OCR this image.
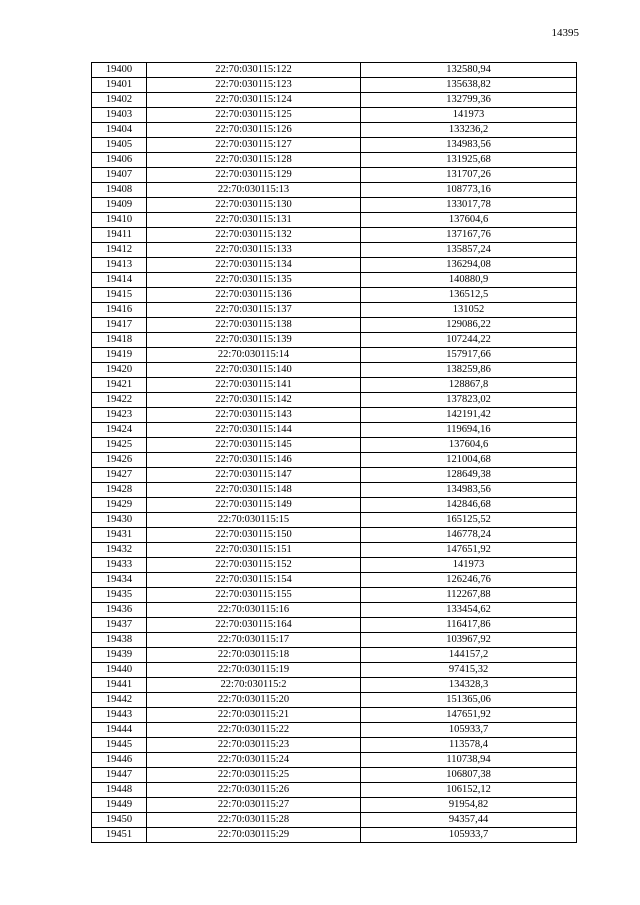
14395
19400	22:70:030115:122	132580,94
19401	22:70:030115:123	135638,82
19402	22:70:030115:124	132799,36
19403	22:70:030115:125	141973
19404	22:70:030115:126	133236,2
19405	22:70:030115:127	134983,56
19406	22:70:030115:128	131925,68
19407	22:70:030115:129	131707,26
19408	22:70:030115:13	108773,16
19409	22:70:030115:130	133017,78
19410	22:70:030115:131	137604,6
19411	22:70:030115:132	137167,76
19412	22:70:030115:133	135857,24
19413	22:70:030115:134	136294,08
19414	22:70:030115:135	140880,9
19415	22:70:030115:136	136512,5
19416	22:70:030115:137	131052
19417	22:70:030115:138	129086,22
19418	22:70:030115:139	107244,22
19419	22:70:030115:14	157917,66
19420	22:70:030115:140	138259,86
19421	22:70:030115:141	128867,8
19422	22:70:030115:142	137823,02
19423	22:70:030115:143	142191,42
19424	22:70:030115:144	119694,16
19425	22:70:030115:145	137604,6
19426	22:70:030115:146	121004,68
19427	22:70:030115:147	128649,38
19428	22:70:030115:148	134983,56
19429	22:70:030115:149	142846,68
19430	22:70:030115:15	165125,52
19431	22:70:030115:150	146778,24
19432	22:70:030115:151	147651,92
19433	22:70:030115:152	141973
19434	22:70:030115:154	126246,76
19435	22:70:030115:155	112267,88
19436	22:70:030115:16	133454,62
19437	22:70:030115:164	116417,86
19438	22:70:030115:17	103967,92
19439	22:70:030115:18	144157,2
19440	22:70:030115:19	97415,32
19441	22:70:030115:2	134328,3
19442	22:70:030115:20	151365,06
19443	22:70:030115:21	147651,92
19444	22:70:030115:22	105933,7
19445	22:70:030115:23	113578,4
19446	22:70:030115:24	110738,94
19447	22:70:030115:25	106807,38
19448	22:70:030115:26	106152,12
19449	22:70:030115:27	91954,82
19450	22:70:030115:28	94357,44
19451	22:70:030115:29	105933,7
